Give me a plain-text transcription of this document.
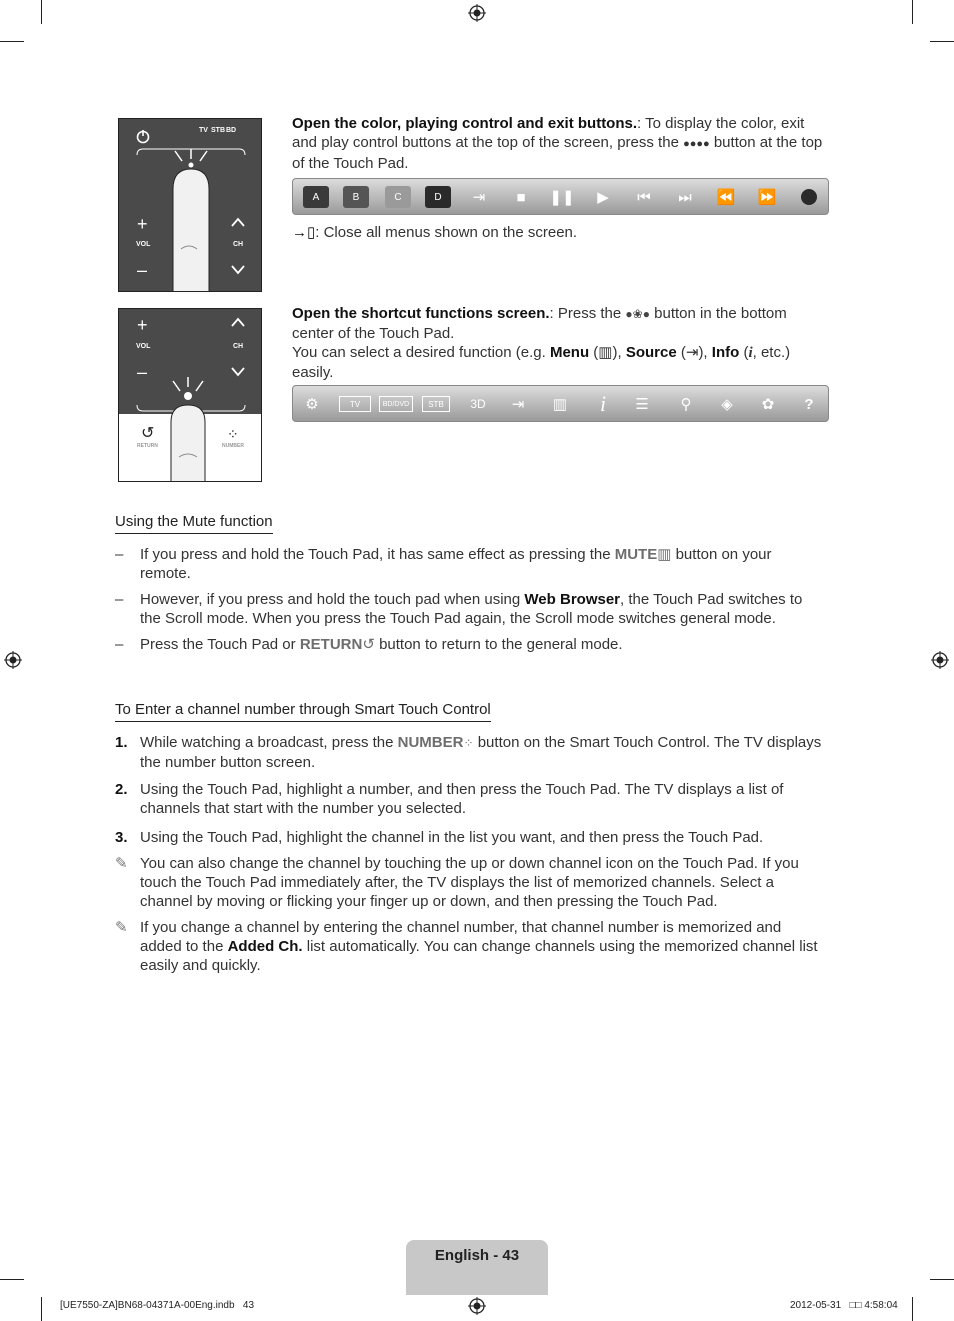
TV STB BD
+
VOL
–
CH
Open the color, playing control and exit buttons.: To display the color, exit and play control buttons at the top of the screen, press the ●●●● button at the top of the Touch Pad.
A	B	C	D	⇥	■	❚❚	▶	⏮	⏭	⏪ ⏩
→▯: Close all menus shown on the screen.
+
VOL
–
CH
↺
RETURN
⁘
NUMBER
Open the shortcut functions screen.: Press the ●❀● button in the bottom center of the Touch Pad.
You can select a desired function (e.g. Menu (▥), Source (⇥), Info (i, etc.) easily.
⚙	TV	BD/DVD	STB	3D	⇥	▥	i	☰	⚲	◈	✿	?
Using the Mute function
–	If you press and hold the Touch Pad, it has same effect as pressing the MUTE▥ button on your remote.
–	However, if you press and hold the touch pad when using Web Browser, the Touch Pad switches to the Scroll mode. When you press the Touch Pad again, the Scroll mode switches general mode.
–	Press the Touch Pad or RETURN↺ button to return to the general mode.
To Enter a channel number through Smart Touch Control
1. While watching a broadcast, press the NUMBER⁘ button on the Smart Touch Control. The TV displays the number button screen.
2. Using the Touch Pad, highlight a number, and then press the Touch Pad. The TV displays a list of channels that start with the number you selected.
3. Using the Touch Pad, highlight the channel in the list you want, and then press the Touch Pad.
✎ You can also change the channel by touching the up or down channel icon on the Touch Pad. If you touch the Touch Pad immediately after, the TV displays the list of memorized channels. Select a channel by moving or flicking your finger up or down, and then pressing the Touch Pad.
✎ If you change a channel by entering the channel number, that channel number is memorized and added to the Added Ch. list automatically. You can change channels using the memorized channel list easily and quickly.
English - 43
[UE7550-ZA]BN68-04371A-00Eng.indb   43	2012-05-31   □□ 4:58:04
